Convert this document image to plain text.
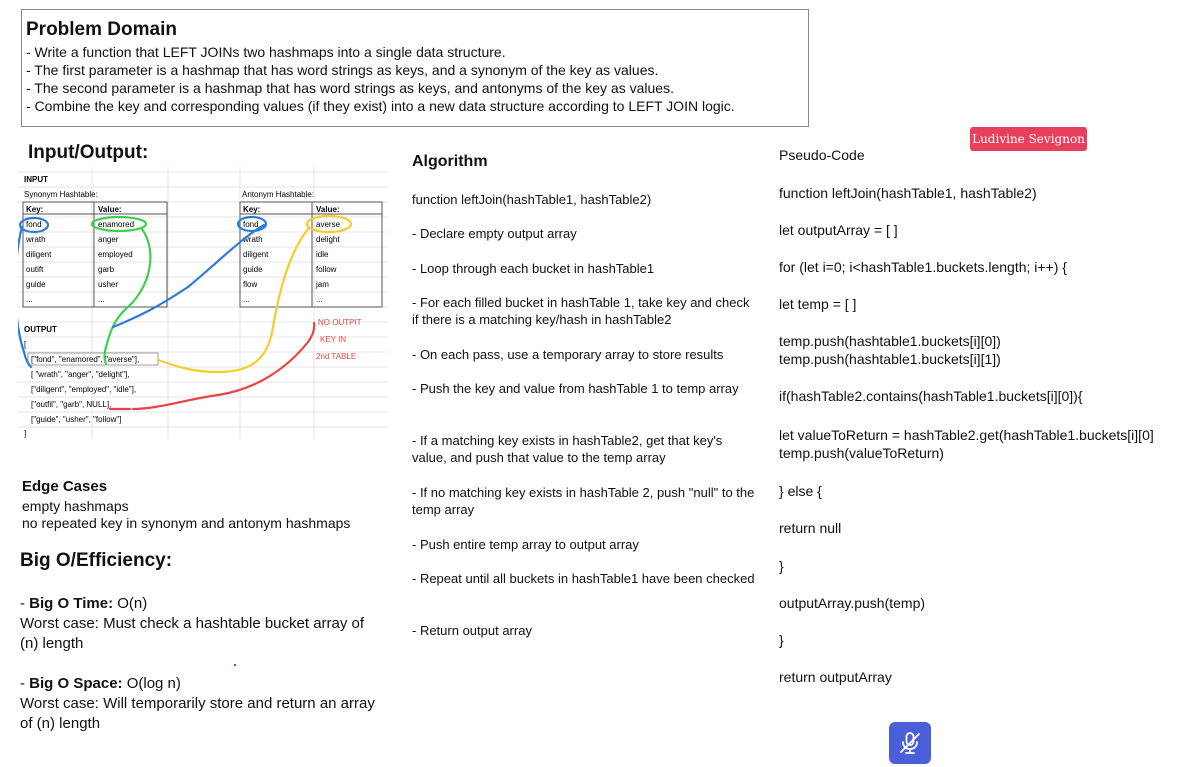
Problem Domain
- Write a function that LEFT JOINs two hashmaps into a single data structure.
- The first parameter is a hashmap that has word strings as keys, and a synonym of the key as values.
- The second parameter is a hashmap that has word strings as keys, and antonyms of the key as values.
- Combine the key and corresponding values (if they exist) into a new data structure according to LEFT JOIN logic.
Ludivine Sevignon
Input/Output:
INPUT
Synonym Hashtable:	Antonym Hashtable:
Key:	Value:
fond	enamored
wrath	anger
diligent	employed
outift	garb
guide	usher
...	...
Key:	Value:
fond	averse
wrath	delight
diligent	idle
guide	follow
flow	jam
...	...
OUTPUT
[
["fond", "enamored", "averse"],
[ "wrath", "anger", "delight"],
["diligent", "employed", "idle"],
["outfil", "garb", NULL],
["guide", "usher", "follow"]
]
NO OUTPIT
KEY IN
2nd TABLE
Edge Cases
empty hashmaps
no repeated key in synonym and antonym hashmaps
Big O/Efficiency:
- Big O Time: O(n)
Worst case: Must check a hashtable bucket array of (n) length
- Big O Space: O(log n)
Worst case: Will temporarily store and return an array of (n) length
Algorithm
function leftJoin(hashTable1, hashTable2)
- Declare empty output array
- Loop through each bucket in hashTable1
- For each filled bucket in hashTable 1, take key and check if there is a matching key/hash in hashTable2
- On each pass, use a temporary array to store results
- Push the key and value from hashTable 1 to temp array
- If a matching key exists in hashTable2, get that key's value, and push that value to the temp array
- If no matching key exists in hashTable 2, push "null" to the temp array
- Push entire temp array to output array
- Repeat until all buckets in hashTable1 have been checked
- Return output array
Pseudo-Code
function leftJoin(hashTable1, hashTable2)
let outputArray = [ ]
for (let i=0; i<hashTable1.buckets.length; i++) {
let temp = [ ]
temp.push(hashtable1.buckets[i][0])
temp.push(hashtable1.buckets[i][1])
if(hashTable2.contains(hashTable1.buckets[i][0]){
let valueToReturn = hashTable2.get(hashTable1.buckets[i][0]
temp.push(valueToReturn)
} else {
return null
}
outputArray.push(temp)
}
return outputArray
